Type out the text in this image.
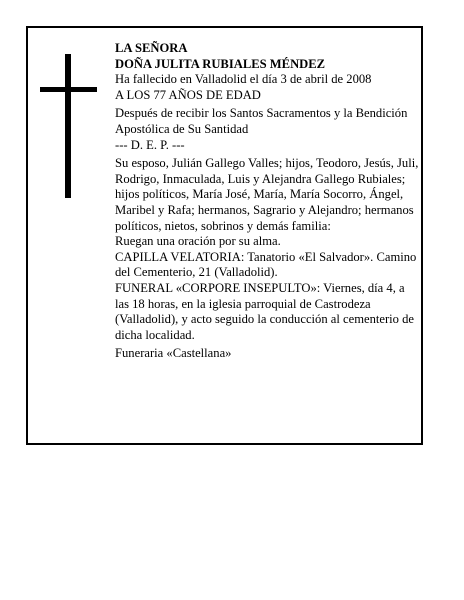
LA SEÑORA

DOÑA JULITA RUBIALES MÉNDEZ

Ha fallecido en Valladolid el día 3 de abril de 2008

A LOS 77 AÑOS DE EDAD

Después de recibir los Santos Sacramentos y la Bendición Apostólica de Su Santidad

--- D. E. P. ---

Su esposo, Julián Gallego Valles; hijos, Teodoro, Jesús, Juli, Rodrigo, Inmaculada, Luis y Alejandra Gallego Rubiales; hijos políticos, María José, María, María Socorro, Ángel, Maribel y Rafa; hermanos, Sagrario y Alejandro; hermanos políticos, nietos, sobrinos y demás familia:

Ruegan una oración por su alma.

CAPILLA VELATORIA: Tanatorio «El Salvador». Camino del Cementerio, 21 (Valladolid).

FUNERAL «CORPORE INSEPULTO»: Viernes, día 4, a las 18 horas, en la iglesia parroquial de Castrodeza (Valladolid), y acto seguido la conducción al cementerio de dicha localidad.

Funeraria «Castellana»
